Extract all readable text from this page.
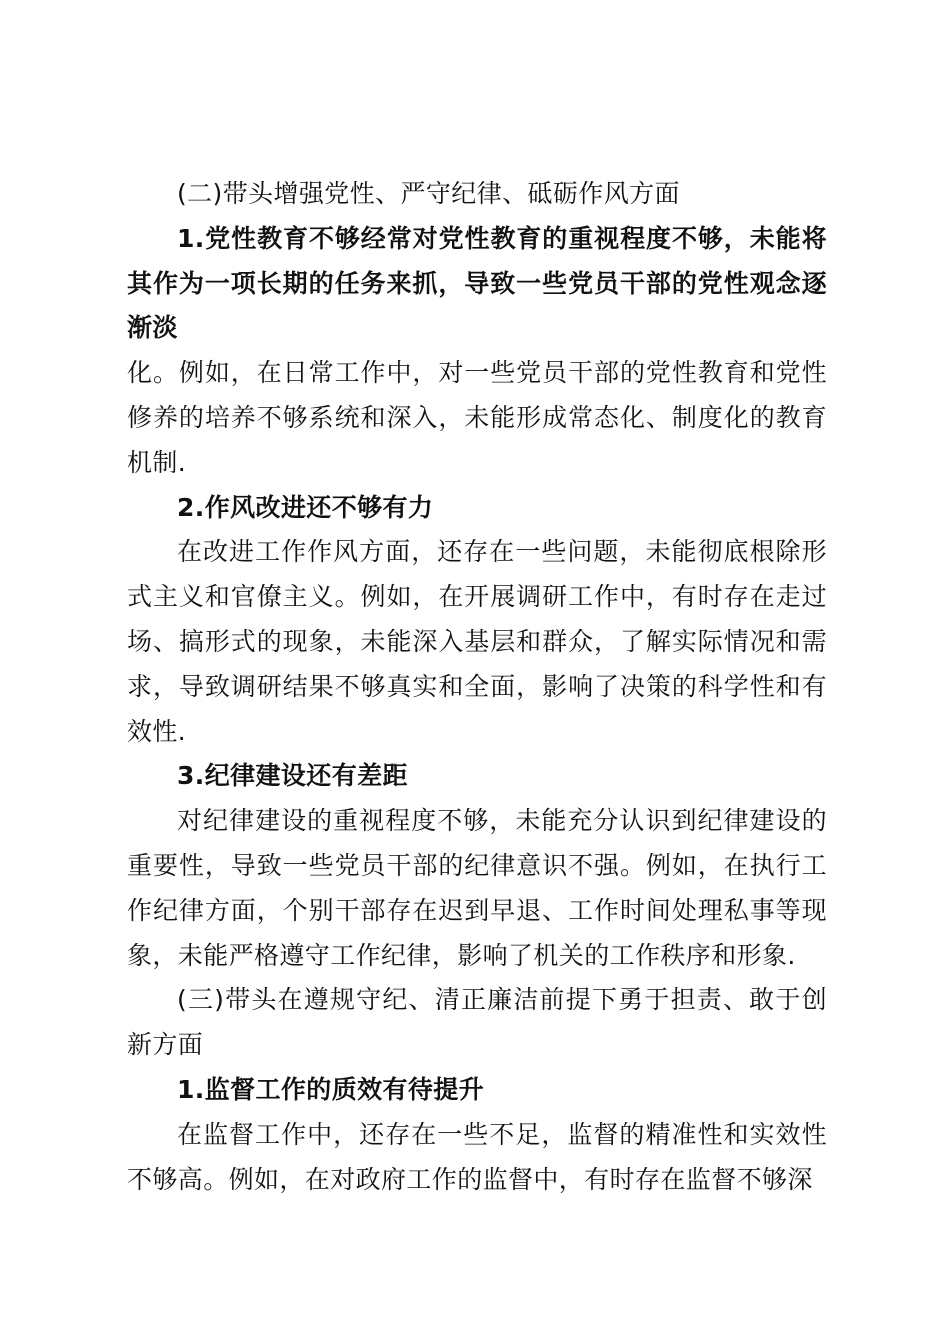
(二)带头增强党性、严守纪律、砥砺作风方面

1.党性教育不够经常对党性教育的重视程度不够，未能将其作为一项长期的任务来抓，导致一些党员干部的党性观念逐渐淡

化。例如，在日常工作中，对一些党员干部的党性教育和党性修养的培养不够系统和深入，未能形成常态化、制度化的教育机制.

2.作风改进还不够有力

在改进工作作风方面，还存在一些问题，未能彻底根除形式主义和官僚主义。例如，在开展调研工作中，有时存在走过场、搞形式的现象，未能深入基层和群众，了解实际情况和需求，导致调研结果不够真实和全面，影响了决策的科学性和有效性.

3.纪律建设还有差距

对纪律建设的重视程度不够，未能充分认识到纪律建设的重要性，导致一些党员干部的纪律意识不强。例如，在执行工作纪律方面，个别干部存在迟到早退、工作时间处理私事等现象，未能严格遵守工作纪律，影响了机关的工作秩序和形象.

(三)带头在遵规守纪、清正廉洁前提下勇于担责、敢于创新方面

1.监督工作的质效有待提升

在监督工作中，还存在一些不足，监督的精准性和实效性不够高。例如，在对政府工作的监督中，有时存在监督不够深
